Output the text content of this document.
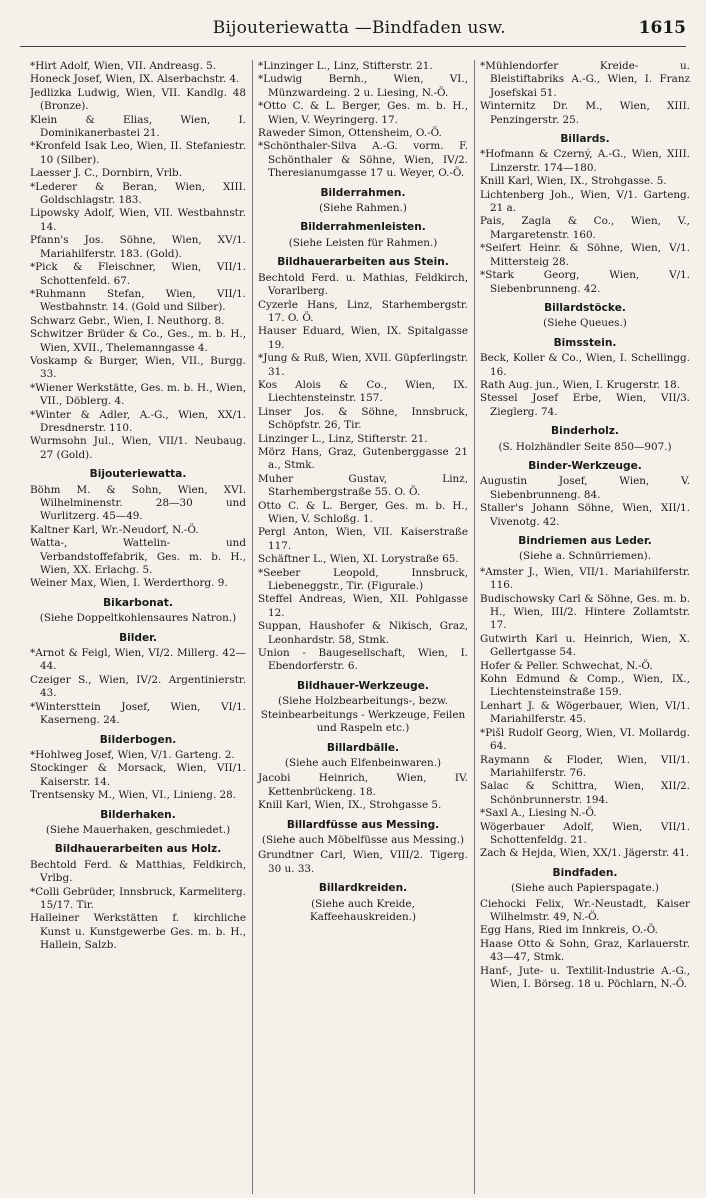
Bijouteriewatta —Bindfaden usw.	1615

*Hirt Adolf, Wien, VII. Andreasg. 5.

Honeck Josef, Wien, IX. Alserbachstr. 4.

Jedlizka Ludwig, Wien, VII. Kandlg. 48 (Bronze).

Klein & Elias, Wien, I. Dominikanerbastei 21.

*Kronfeld Isak Leo, Wien, II. Stefaniestr. 10 (Silber).

Laesser J. C., Dornbirn, Vrlb.

*Lederer & Beran, Wien, XIII. Goldschlagstr. 183.

Lipowsky Adolf, Wien, VII. Westbahnstr. 14.

Pfann's Jos. Söhne, Wien, XV/1. Mariahilferstr. 183. (Gold).

*Pick & Fleischner, Wien, VII/1. Schottenfeld. 67.

*Ruhmann Stefan, Wien, VII/1. Westbahnstr. 14. (Gold und Silber).

Schwarz Gebr., Wien, I. Neuthorg. 8.

Schwitzer Brüder & Co., Ges., m. b. H., Wien, XVII., Thelemanngasse 4.

Voskamp & Burger, Wien, VII., Burgg. 33.

*Wiener Werkstätte, Ges. m. b. H., Wien, VII., Döblerg. 4.

*Winter & Adler, A.-G., Wien, XX/1. Dresdnerstr. 110.

Wurmsohn Jul., Wien, VII/1. Neubaug. 27 (Gold).

Bijouteriewatta.

Böhm M. & Sohn, Wien, XVI. Wilhelminenstr. 28—30 und Wurlitzerg. 45—49.

Kaltner Karl, Wr.-Neudorf, N.-Ö.

Watta-, Wattelin- und Verbandstoffefabrik, Ges. m. b. H., Wien, XX. Erlachg. 5.

Weiner Max, Wien, I. Werderthorg. 9.

Bikarbonat.

(Siehe Doppeltkohlensaures Natron.)

Bilder.

*Arnot & Feigl, Wien, VI/2. Millerg. 42—44.

Czeiger S., Wien, IV/2. Argentinierstr. 43.

*Wintersttein Josef, Wien, VI/1. Kaserneng. 24.

Bilderbogen.

*Hohlweg Josef, Wien, V/1. Garteng. 2.

Stockinger & Morsack, Wien, VII/1. Kaiserstr. 14.

Trentsensky M., Wien, VI., Linieng. 28.

Bilderhaken.

(Siehe Mauerhaken, geschmiedet.)

Bildhauerarbeiten aus Holz.

Bechtold Ferd. & Matthias, Feldkirch, Vrlbg.

*Colli Gebrüder, Innsbruck, Karmeliterg. 15/17. Tir.

Halleiner Werkstätten f. kirchliche Kunst u. Kunstgewerbe Ges. m. b. H., Hallein, Salzb.

*Linzinger L., Linz, Stifterstr. 21.

*Ludwig Bernh., Wien, VI., Münzwardeing. 2 u. Liesing, N.-Ö.

*Otto C. & L. Berger, Ges. m. b. H., Wien, V. Weyringerg. 17.

Raweder Simon, Ottensheim, O.-Ö.

*Schönthaler-Silva A.-G. vorm. F. Schönthaler & Söhne, Wien, IV/2. Theresianumgasse 17 u. Weyer, O.-Ö.

Bilderrahmen.

(Siehe Rahmen.)

Bilderrahmenleisten.

(Siehe Leisten für Rahmen.)

Bildhauerarbeiten aus Stein.

Bechtold Ferd. u. Mathias, Feldkirch, Vorarlberg.

Cyzerle Hans, Linz, Starhembergstr. 17. O. Ö.

Hauser Eduard, Wien, IX. Spitalgasse 19.

*Jung & Ruß, Wien, XVII. Güpferlingstr. 31.

Kos Alois & Co., Wien, IX. Liechtensteinstr. 157.

Linser Jos. & Söhne, Innsbruck, Schöpfstr. 26, Tir.

Linzinger L., Linz, Stifterstr. 21.

Mörz Hans, Graz, Gutenberggasse 21 a., Stmk.

Muher Gustav, Linz, Starhembergstraße 55. O. Ö.

Otto C. & L. Berger, Ges. m. b. H., Wien, V. Schloßg. 1.

Pergl Anton, Wien, VII. Kaiserstraße 117.

Schäftner L., Wien, XI. Lorystraße 65.

*Seeber Leopold, Innsbruck, Liebeneggstr., Tir. (Figurale.)

Steffel Andreas, Wien, XII. Pohlgasse 12.

Suppan, Haushofer & Nikisch, Graz, Leonhardstr. 58, Stmk.

Union - Baugesellschaft, Wien, I. Ebendorferstr. 6.

Bildhauer-Werkzeuge.

(Siehe Holzbearbeitungs-, bezw. Steinbearbeitungs - Werkzeuge, Feilen und Raspeln etc.)

Billardbälle.

(Siehe auch Elfenbeinwaren.)

Jacobi Heinrich, Wien, IV. Kettenbrückeng. 18.

Knill Karl, Wien, IX., Strohgasse 5.

Billardfüsse aus Messing.

(Siehe auch Möbelfüsse aus Messing.)

Grundtner Carl, Wien, VIII/2. Tigerg. 30 u. 33.

Billardkreiden.

(Siehe auch Kreide, Kaffeehauskreiden.)

*Mühlendorfer Kreide- u. Bleistiftabriks A.-G., Wien, I. Franz Josefskai 51.

Winternitz Dr. M., Wien, XIII. Penzingerstr. 25.

Billards.

*Hofmann & Czerný, A.-G., Wien, XIII. Linzerstr. 174—180.

Knill Karl, Wien, IX., Strohgasse. 5.

Lichtenberg Joh., Wien, V/1. Garteng. 21 a.

Pais, Zagla & Co., Wien, V., Margaretenstr. 160.

*Seifert Heinr. & Söhne, Wien, V/1. Mittersteig 28.

*Stark Georg, Wien, V/1. Siebenbrunneng. 42.

Billardstöcke.

(Siehe Queues.)

Bimsstein.

Beck, Koller & Co., Wien, I. Schellingg. 16.

Rath Aug. jun., Wien, I. Krugerstr. 18.

Stessel Josef Erbe, Wien, VII/3. Zieglerg. 74.

Binderholz.

(S. Holzhändler Seite 850—907.)

Binder-Werkzeuge.

Augustin Josef, Wien, V. Siebenbrunneng. 84.

Staller's Johann Söhne, Wien, XII/1. Vivenotg. 42.

Bindriemen aus Leder.

(Siehe a. Schnürriemen).

*Amster J., Wien, VII/1. Mariahilferstr. 116.

Budischowsky Carl & Söhne, Ges. m. b. H., Wien, III/2. Hintere Zollamtstr. 17.

Gutwirth Karl u. Heinrich, Wien, X. Gellertgasse 54.

Hofer & Peller. Schwechat, N.-Ö.

Kohn Edmund & Comp., Wien, IX., Liechtensteinstraße 159.

Lenhart J. & Wögerbauer, Wien, VI/1. Mariahilferstr. 45.

*Pišl Rudolf Georg, Wien, VI. Mollardg. 64.

Raymann & Floder, Wien, VII/1. Mariahilferstr. 76.

Salac & Schittra, Wien, XII/2. Schönbrunnerstr. 194.

*Saxl A., Liesing N.-Ö.

Wögerbauer Adolf, Wien, VII/1. Schottenfeldg. 21.

Zach & Hejda, Wien, XX/1. Jägerstr. 41.

Bindfaden.

(Siehe auch Papierspagate.)

Ciehocki Felix, Wr.-Neustadt, Kaiser Wilhelmstr. 49, N.-Ö.

Egg Hans, Ried im Innkreis, O.-Ö.

Haase Otto & Sohn, Graz, Karlauerstr. 43—47, Stmk.

Hanf-, Jute- u. Textilit-Industrie A.-G., Wien, I. Börseg. 18 u. Pöchlarn, N.-Ö.
